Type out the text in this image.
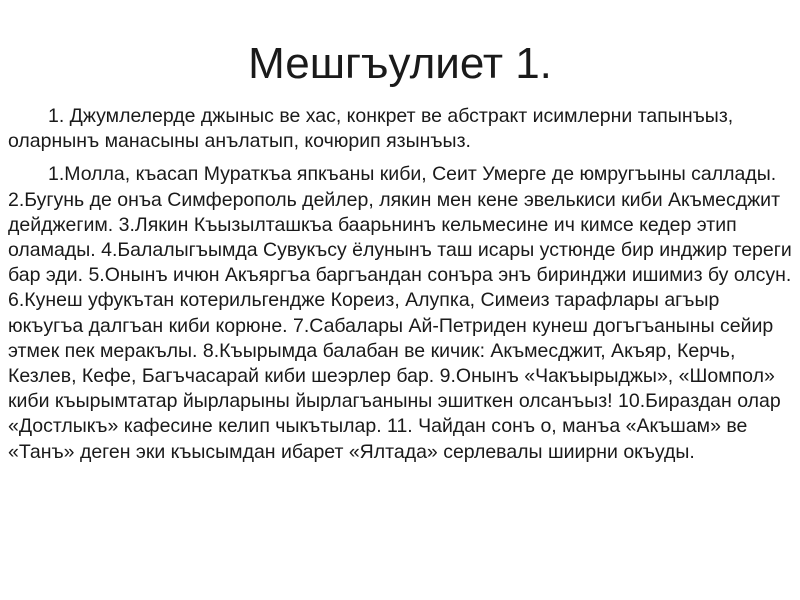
Мешгъулиет 1.

1. Джумлелерде джыныс ве хас, конкрет ве абстракт исимлерни тапынъыз, оларнынъ манасыны анълатып, кочюрип язынъыз.

1.Молла, къасап Мураткъа япкъаны киби, Сеит Умерге де юмругъыны саллады. 2.Бугунь де онъа Симферополь дейлер, лякин мен кене эвелькиси киби Акъмесджит дейджегим. 3.Лякин Къызылташкъа баарьнинъ кельмесине ич кимсе кедер этип оламады. 4.Балалыгъымда Сувукъсу ёлунынъ таш исары устюнде бир инджир тереги бар эди. 5.Онынъ ичюн Акъяргъа баргъандан сонъра энъ биринджи ишимиз бу олсун. 6.Кунеш уфукътан котерильгендже Кореиз, Алупка, Симеиз тарафлары агъыр юкъугъа далгъан киби корюне. 7.Сабалары Ай-Петриден кунеш догъгъаныны сейир этмек пек меракълы. 8.Къырымда балабан ве кичик: Акъмесджит, Акъяр, Керчь, Кезлев, Кефе, Багъчасарай киби шеэрлер бар. 9.Онынъ «Чакъырыджы», «Шомпол» киби къырымтатар йырларыны йырлагъаныны эшиткен олсанъыз! 10.Бираздан олар «Достлыкъ» кафесине келип чыкътылар. 11. Чайдан сонъ о, манъа «Акъшам» ве «Танъ» деген эки къысымдан ибарет «Ялтада» серлевалы шиирни окъуды.
